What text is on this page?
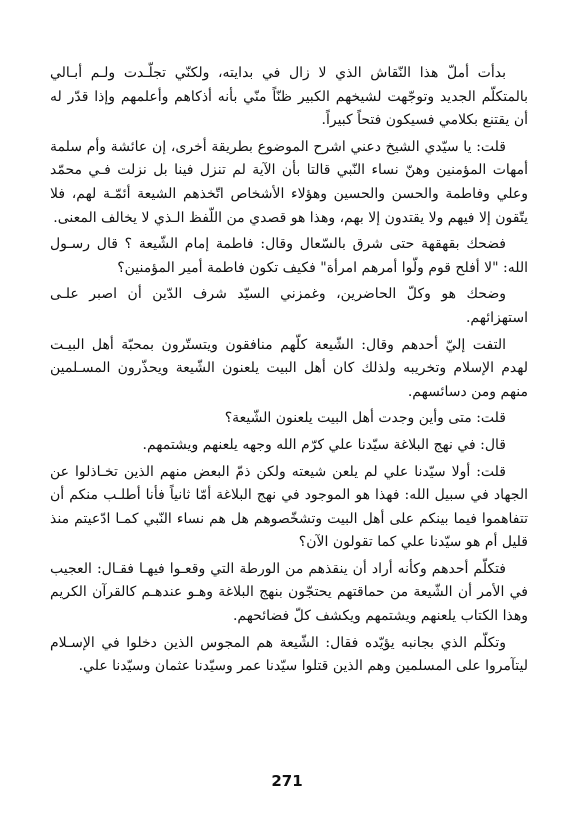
بدأت أملّ هذا النّقاش الذي لا زال في بدايته، ولكنّي تجلّـدت ولـم أبـالي بالمتكلّم الجديد وتوجّهت لشيخهم الكبير ظنّاً منّي بأنه أذكاهم وأعلمهم وإذا قدّر له أن يقتنع بكلامي فسيكون فتحاً كبيراً.

قلت: يا سيّدي الشيخ دعني اشرح الموضوع بطريقة أخرى، إن عائشة وأم سلمة أمهات المؤمنين وهنّ نساء النّبي قالتا بأن الآية لم تنزل فينا بل نزلت فـي محمّد وعلي وفاطمة والحسن والحسين وهؤلاء الأشخاص اتّخذهم الشيعة أئمّـة لهم، فلا يتّقون إلا فيهم ولا يقتدون إلا بهم، وهذا هو قصدي من اللّفظ الـذي لا يخالف المعنى.

فضحك بقهقهة حتى شرق بالسّعال وقال: فاطمة إمام الشّيعة ؟ قال رسـول الله: "لا أفلح قوم ولّوا أمرهم امرأة" فكيف تكون فاطمة أمير المؤمنين؟

وضحك هو وكلّ الحاضرين، وغمزني السيّد شرف الدّين أن اصبر علـى استهزائهم.

التفت إليّ أحدهم وقال: الشّيعة كلّهم منافقون ويتستّرون بمحبّة أهل البيـت لهدم الإسلام وتخريبه ولذلك كان أهل البيت يلعنون الشّيعة ويحذّرون المسـلمين منهم ومن دسائسهم.

قلت: متى وأين وجدت أهل البيت يلعنون الشّيعة؟

قال: في نهج البلاغة سيّدنا علي كرّم الله وجهه يلعنهم ويشتمهم.

قلت: أولا سيّدنا علي لم يلعن شيعته ولكن ذمّ البعض منهم الذين تخـاذلوا عن الجهاد في سبيل الله: فهذا هو الموجود في نهج البلاغة أمّا ثانياً فأنا أطلـب منكم أن تتفاهموا فيما بينكم على أهل البيت وتشخّصوهم هل هم نساء النّبي كمـا ادّعيتم منذ قليل أم هو سيّدنا علي كما تقولون الآن؟

فتكلّم أحدهم وكأنه أراد أن ينقذهم من الورطة التي وقعـوا فيهـا فقـال: العجيب في الأمر أن الشّيعة من حماقتهم يحتجّون بنهج البلاغة وهـو عندهـم كالقرآن الكريم وهذا الكتاب يلعنهم ويشتمهم ويكشف كلّ فضائحهم.

وتكلّم الذي بجانبه يؤيّده فقال: الشّيعة هم المجوس الذين دخلوا في الإسـلام ليتآمروا على المسلمين وهم الذين قتلوا سيّدنا عمر وسيّدنا عثمان وسيّدنا علي.

271
